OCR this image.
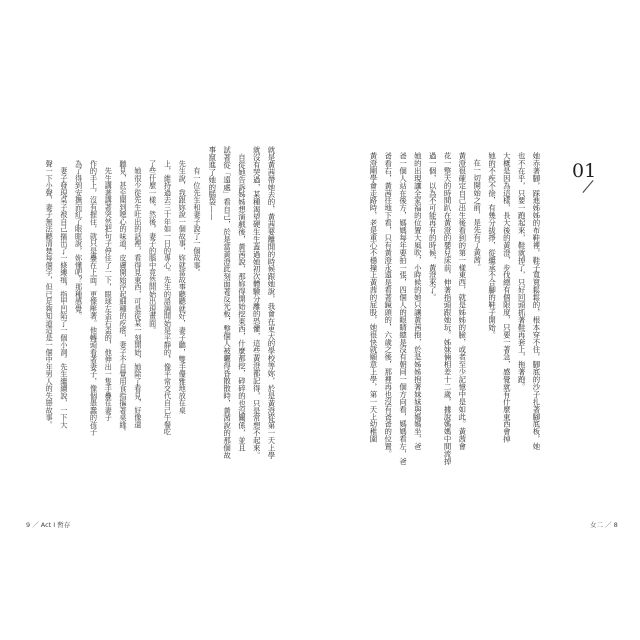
就是黃茜帶她去的，黃茜要離開的時候跟她說，我會在更大的學校等妳，於是黃澄從第一天上學
就沒有哭過，某種渴望硬生生蓋過她初次體驗分離的恐懼，這些黃澄都記得，只是常想不起來。
　自從她告訴姊姊想演戲後，黃茜說，那妳得開始挖東西，什麼都挖，碎碎的也沒關係，並且
試著從「遠處」看自己，於是當黃澄此刻面著反光板，整個人被曬得昏散散時，黃茜說的那個故
事竄進了她的腦袋——
　有一位先生和妻子說了一個故事。
先生說，我跟妳說一個故事，妳就當故事聽聽就好，妻子聽，雙手優雅地放在桌
上，維持過去三十年如一日的專心。先生的語調開始是平靜的，像平常交代自己午餐吃
了些什麼一樣，然後，妻子的腦中竟然開始出現畫面。
　她很少從先生吐出的話裡，看得見東西，可是從某一刻開始，她除了看見，好像還
聽見，甚至聞到噁心的味道，皮膚開始浮起細種的疙瘩，妻子不自覺用食指摳著桌緣。
　先生講著講著突然把句子停住了一下，眼球左盃右盃的，他伸出一隻手疊在妻子
作的手上，沒有握住，就只是疊在上面，更像壓著。他轉頭看著妻子，像個愚蠢的孩子
為了得到安撫而紅了眼眶說，妳懂吧？那種感覺。
　妻子發現桌子被自己摳出了一條縷痕，指甲凹陷了一個小洞。先生繼續說，一下大
聲一下小聲，妻子無法聽清楚每個字，但已足夠知道這是一個中年男人的失戀故事。
9 ／ Act I 暫存
01
她赤著腳，踩進姊姊的布鞋裡，鞋子寬寬鬆鬆的，根本穿不住，腳底的沙子扎著腳底板，她
也不在乎，只要一跑起來，鞋就掉了，只好回頭抓著鞋再套上，拖著跑。
大概是因為這樣，長大後的黃澄，步伐總有個限度，只要一著急，感覺就有什麼東西會掉
她的不疾不徐，有幾分拔掙，從繼承不合腳的鞋子開始。
在一切開始之前，是先有了黃茜。
黃澄很確定自己出生後看到的第一樣東西，就是姊姊的臉，或者至少記憶中是如此。黃茜會
花一整天的時間趴在黃澄的嬰兒床前，伸著指頭跟她玩。姊妹倆相差十二歲，據說媽媽中間流掉
過一個，以為不可能再有的時候，黃澄來了。
她的出現讓全家福的位置大風吹，小時候的她只讓黃茜抱，於是姊姊抱著妹妹與媽媽坐，爸
爸一個人站在後方，媽媽每年要拍一張，四個人的眼睛總是沒有朝同一個方向看，媽媽看左，爸
爸看右，黃茜往地下看，只有黃澄永遠是看著鏡頭的，六歲之後，那裡再也沒有爸爸的位置。
黃澄剛學會走路時，老是重心不穩撞上黃茜的屁股，她很快就願意上學，第一天上幼稚園
女二 ／ 8
